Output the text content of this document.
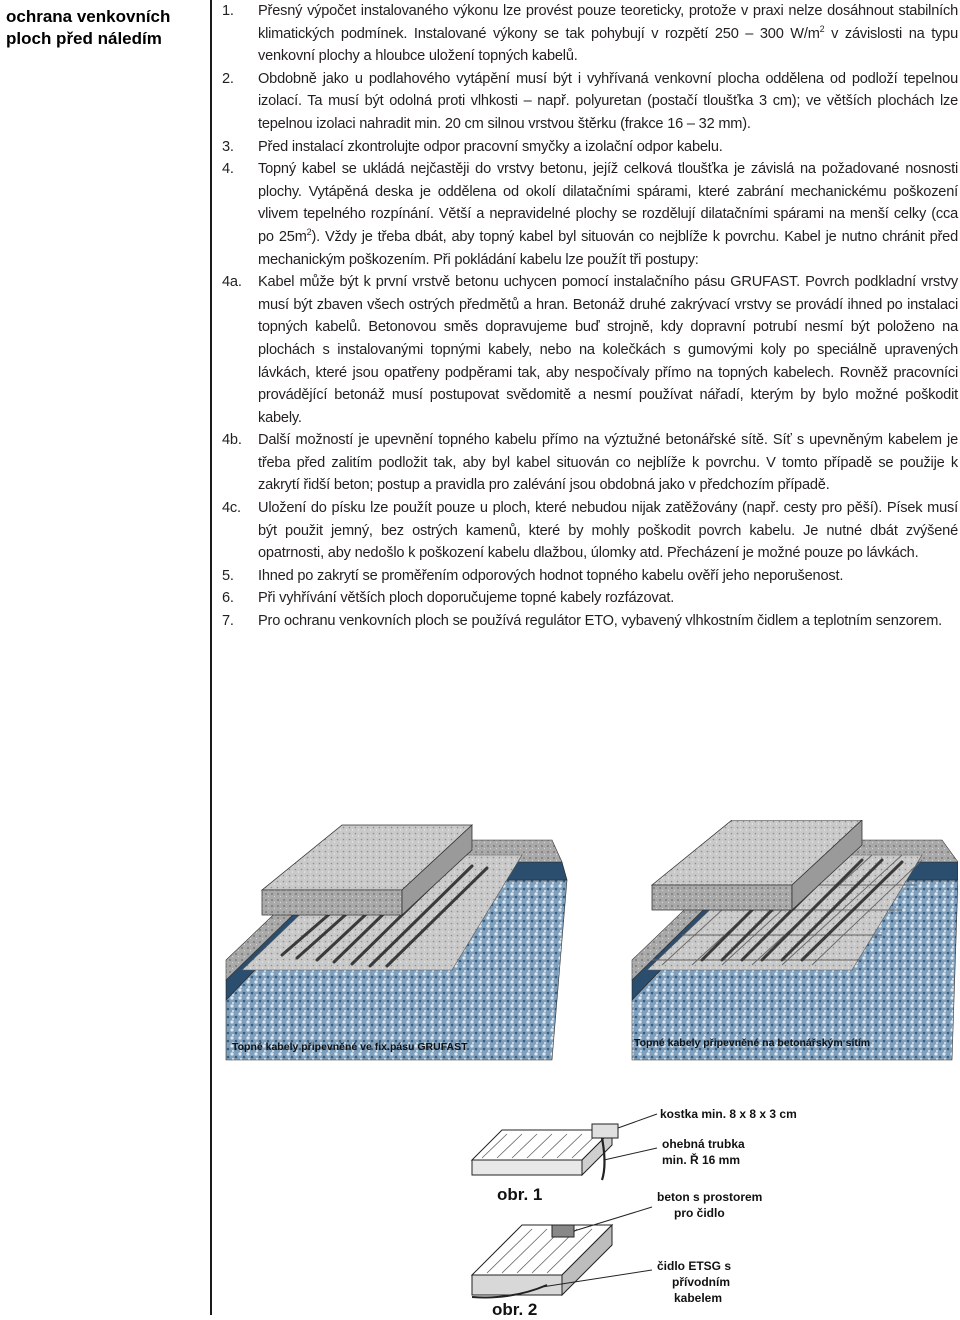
ochrana venkovních ploch před náledím
1.	Přesný výpočet instalovaného výkonu lze provést pouze teoreticky, protože v praxi nelze dosáhnout stabilních klimatických podmínek. Instalované výkony se tak pohybují v rozpětí 250 – 300 $W/m^2$ v závislosti na typu venkovní plochy a hloubce uložení topných kabelů.
2.	Obdobně jako u podlahového vytápění musí být i vyhřívaná venkovní plocha oddělena od podloží tepelnou izolací. Ta musí být odolná proti vlhkosti – např. polyuretan (postačí tloušťka 3 cm); ve větších plochách lze tepelnou izolaci nahradit min. 20 cm silnou vrstvou štěrku (frakce 16 – 32 mm).
3.	Před instalací zkontrolujte odpor pracovní smyčky a izolační odpor kabelu.
4.	Topný kabel se ukládá nejčastěji do vrstvy betonu, jejíž celková tloušťka je závislá na požadované nosnosti plochy. Vytápěná deska je oddělena od okolí dilatačními spárami, které zabrání mechanickému poškození vlivem tepelného rozpínání. Větší a nepravidelné plochy se rozdělují dilatačními spárami na menší celky (cca po $25m^2$). Vždy je třeba dbát, aby topný kabel byl situován co nejblíže k povrchu. Kabel je nutno chránit před mechanickým poškozením. Při pokládání kabelu lze použít tři postupy:
4a.	Kabel může být k první vrstvě betonu uchycen pomocí instalačního pásu GRUFAST. Povrch podkladní vrstvy musí být zbaven všech ostrých předmětů a hran. Betonáž druhé zakrývací vrstvy se provádí ihned po instalaci topných kabelů. Betonovou směs dopravujeme buď strojně, kdy dopravní potrubí nesmí být položeno na plochách s instalovanými topnými kabely, nebo na kolečkách s gumovými koly po speciálně upravených lávkách, které jsou opatřeny podpěrami tak, aby nespočívaly přímo na topných kabelech. Rovněž pracovníci provádějící betonáž musí postupovat svědomitě a nesmí používat nářadí, kterým by bylo možné poškodit kabely.
4b.	Další možností je upevnění topného kabelu přímo na výztužné betonářské sítě. Síť s upevněným kabelem je třeba před zalitím podložit tak, aby byl kabel situován co nejblíže k povrchu. V tomto případě se použije k zakrytí řidší beton; postup a pravidla pro zalévání jsou obdobná jako v předchozím případě.
4c.	Uložení do písku lze použít pouze u ploch, které nebudou nijak zatěžovány (např. cesty pro pěší). Písek musí být použit jemný, bez ostrých kamenů, které by mohly poškodit povrch kabelu. Je nutné dbát zvýšené opatrnosti, aby nedošlo k poškození kabelu dlažbou, úlomky atd. Přecházení je možné pouze po lávkách.
5.	Ihned po zakrytí se proměřením odporových hodnot topného kabelu ověří jeho neporušenost.
6.	Při vyhřívání větších ploch doporučujeme topné kabely rozfázovat.
7.	Pro ochranu venkovních ploch se používá regulátor ETO, vybavený vlhkostním čidlem a teplotním senzorem.
Topné kabely připevněné ve fix.pásu GRUFAST	Topné kabely připevněné na betonářským sítím
obr. 1
kostka min. 8 x 8 x 3 cm
ohebná trubka
min. Ř 16 mm
obr. 2
beton s prostorem
pro čidlo
čidlo ETSG s
přívodním
kabelem
